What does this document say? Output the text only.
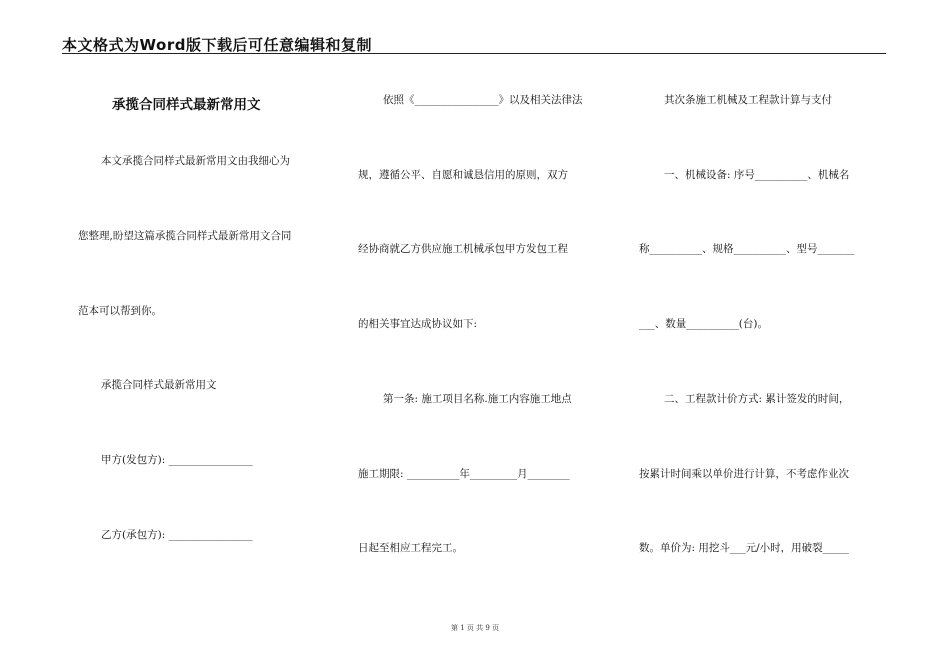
本文格式为Word版下载后可任意编辑和复制
承揽合同样式最新常用文
本文承揽合同样式最新常用文由我细心为
您整理,盼望这篇承揽合同样式最新常用文合同
范本可以帮到你。
承揽合同样式最新常用文
甲方(发包方): ________________
乙方(承包方): ________________
依照《________________》以及相关法律法
规，遵循公平、自愿和诚恳信用的原则，双方
经协商就乙方供应施工机械承包甲方发包工程
的相关事宜达成协议如下:
第一条: 施工项目名称.施工内容施工地点
施工期限: __________年_________月________
日起至相应工程完工。
其次条施工机械及工程款计算与支付
一、机械设备: 序号__________、机械名
称__________、规格__________、型号_______
___、数量__________(台)。
二、工程款计价方式: 累计签发的时间，
按累计时间乘以单价进行计算，不考虑作业次
数。单价为: 用挖斗___元/小时，用破裂_____
第 1 页 共 9 页
